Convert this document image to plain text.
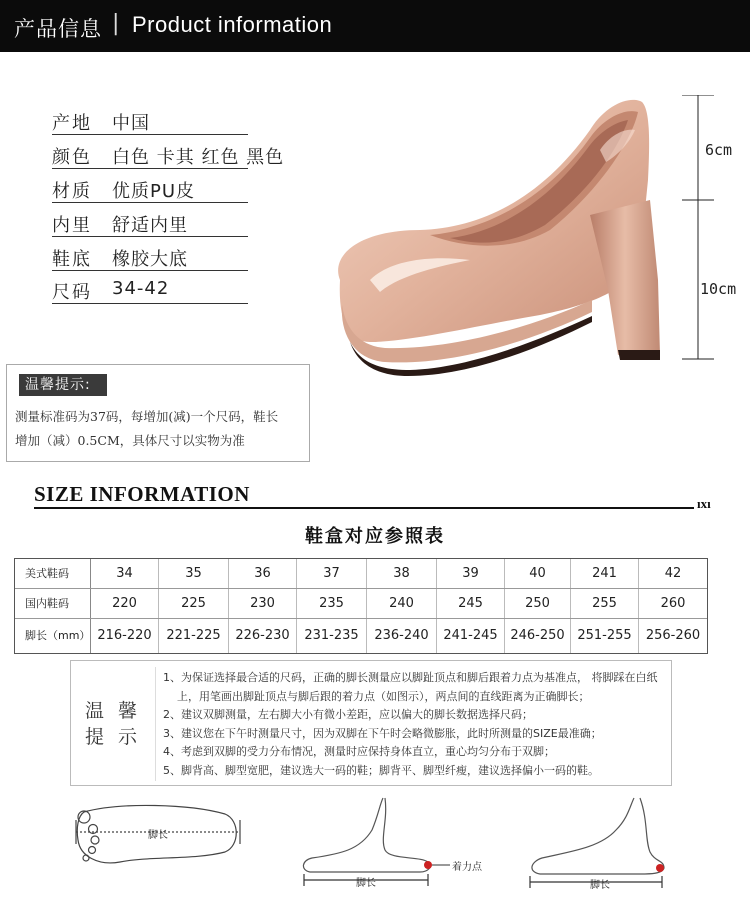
产品信息 | Product information
产地 中国
颜色 白色 卡其 红色 黑色
材质 优质PU皮
内里 舒适内里
鞋底 橡胶大底
尺码 34-42
6cm
10cm
温馨提示:
测量标准码为37码，每增加(减)一个尺码，鞋长
增加（减）0.5CM，具体尺寸以实物为准
SIZE INFORMATION	ıxı
鞋盒对应参照表
美式鞋码	34	35	36	37	38	39	40	241	42
国内鞋码	220	225	230	235	240	245	250	255	260
脚长（mm） 216-220	221-225	226-230	231-235	236-240	241-245 246-250 251-255	256-260
温 馨
提 示
1、为保证选择最合适的尺码，正确的脚长测量应以脚趾顶点和脚后跟着力点为基准点， 将脚踩在白纸
上，用笔画出脚趾顶点与脚后跟的着力点（如图示），两点间的直线距离为正确脚长；
2、建议双脚测量，左右脚大小有微小差距，应以偏大的脚长数据选择尺码；
3、建议您在下午时测量尺寸，因为双脚在下午时会略微膨胀，此时所测量的SIZE最准确；
4、考虑到双脚的受力分布情况，测量时应保持身体直立，重心均匀分布于双脚；
5、脚背高、脚型宽肥，建议选大一码的鞋；脚背平、脚型纤瘦，建议选择偏小一码的鞋。
脚长
脚长
着力点
脚长
